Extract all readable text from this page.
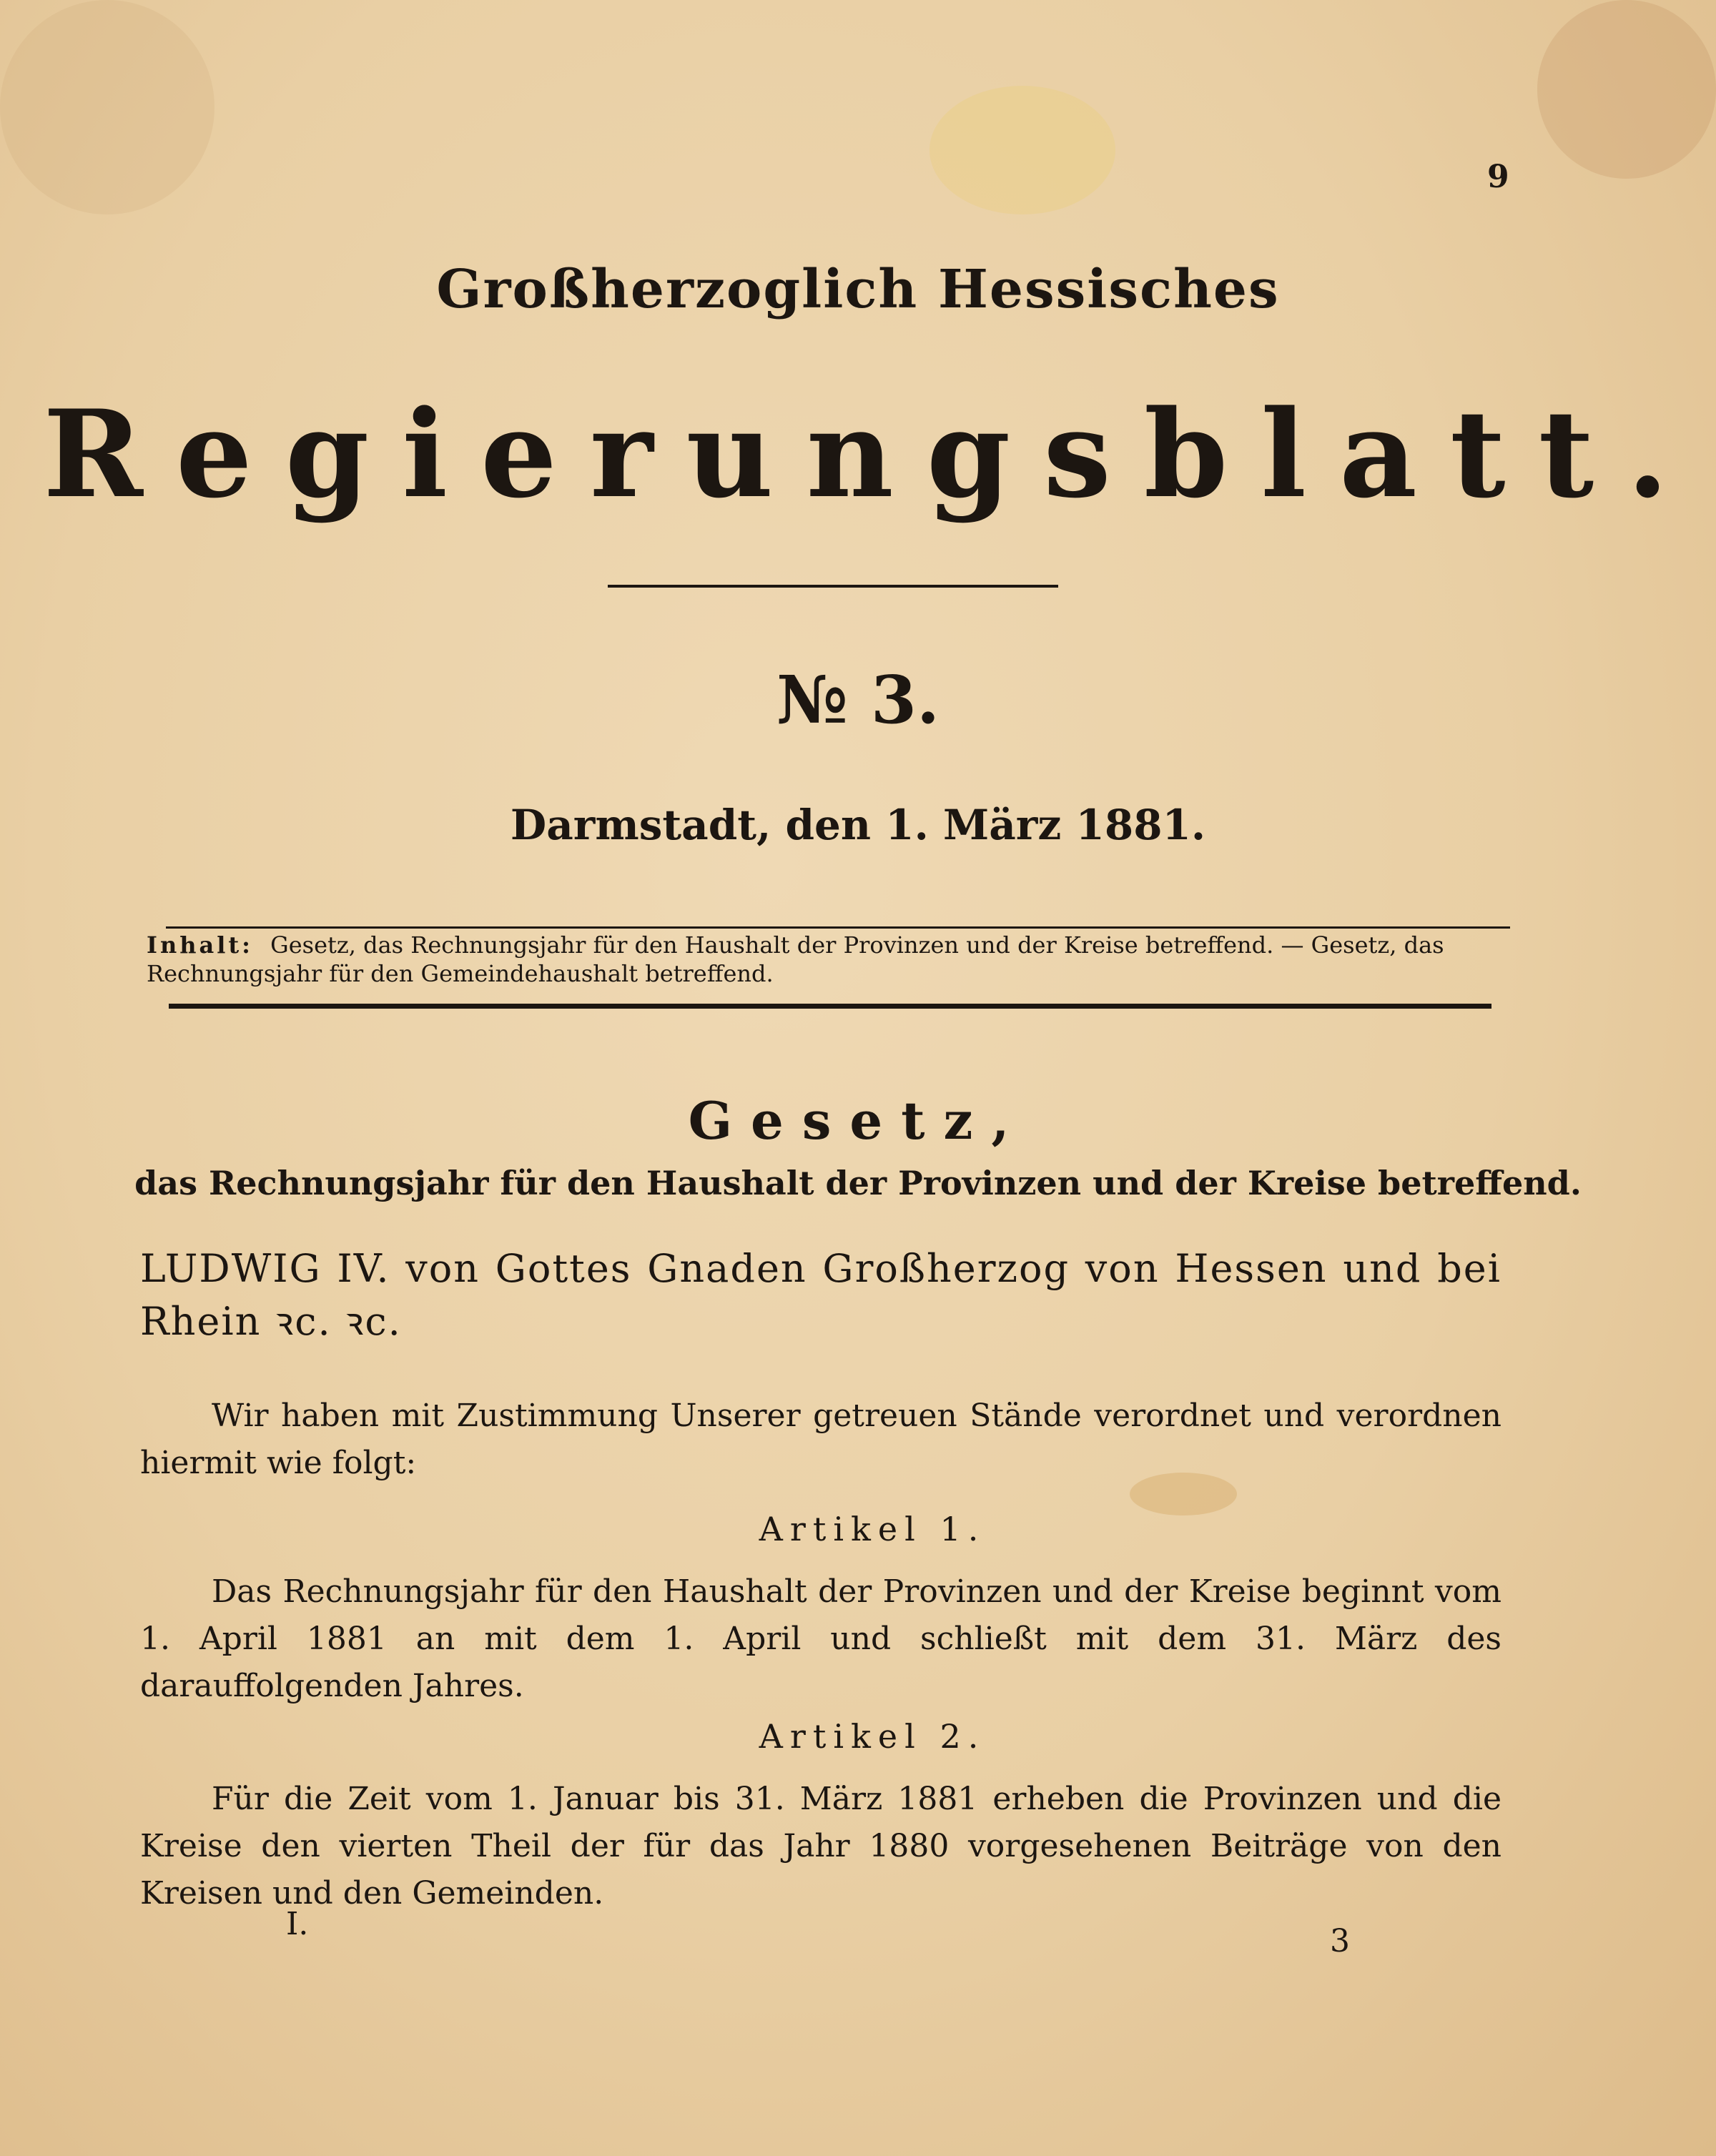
9
Großherzoglich Hessisches
Regierungsblatt.
№ 3.
Darmstadt, den 1. März 1881.
Inhalt: Gesetz, das Rechnungsjahr für den Haushalt der Provinzen und der Kreise betreffend. — Gesetz, das Rechnungsjahr für den Gemeindehaushalt betreffend.
Gesetz,
das Rechnungsjahr für den Haushalt der Provinzen und der Kreise betreffend.
LUDWIG IV. von Gottes Gnaden Großherzog von Hessen und bei Rhein ꝛc. ꝛc.
Wir haben mit Zustimmung Unserer getreuen Stände verordnet und verordnen hiermit wie folgt:
Artikel 1.
Das Rechnungsjahr für den Haushalt der Provinzen und der Kreise beginnt vom 1. April 1881 an mit dem 1. April und schließt mit dem 31. März des darauffolgenden Jahres.
Artikel 2.
Für die Zeit vom 1. Januar bis 31. März 1881 erheben die Provinzen und die Kreise den vierten Theil der für das Jahr 1880 vorgesehenen Beiträge von den Kreisen und den Gemeinden.
I.	3
